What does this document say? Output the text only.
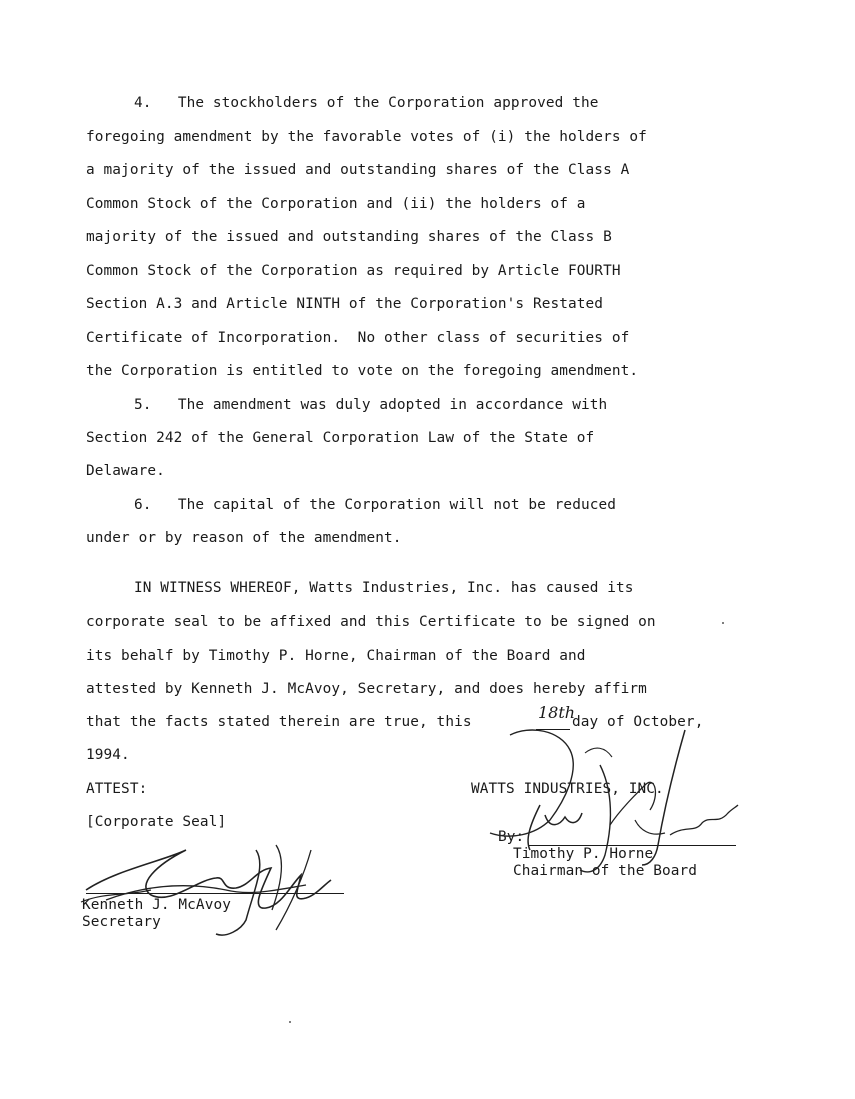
4.   The stockholders of the Corporation approved the
foregoing amendment by the favorable votes of (i) the holders of
a majority of the issued and outstanding shares of the Class A
Common Stock of the Corporation and (ii) the holders of a
majority of the issued and outstanding shares of the Class B
Common Stock of the Corporation as required by Article FOURTH
Section A.3 and Article NINTH of the Corporation's Restated
Certificate of Incorporation.  No other class of securities of
the Corporation is entitled to vote on the foregoing amendment.
5.   The amendment was duly adopted in accordance with
Section 242 of the General Corporation Law of the State of
Delaware.
6.   The capital of the Corporation will not be reduced
under or by reason of the amendment.
IN WITNESS WHEREOF, Watts Industries, Inc. has caused its
corporate seal to be affixed and this Certificate to be signed on
its behalf by Timothy P. Horne, Chairman of the Board and
attested by Kenneth J. McAvoy, Secretary, and does hereby affirm
that the facts stated therein are true, this	18th
day of October,
1994.
ATTEST:
[Corporate Seal]
Kenneth J. McAvoy
Secretary
WATTS INDUSTRIES, INC.
By:
Timothy P. Horne
Chairman of the Board
